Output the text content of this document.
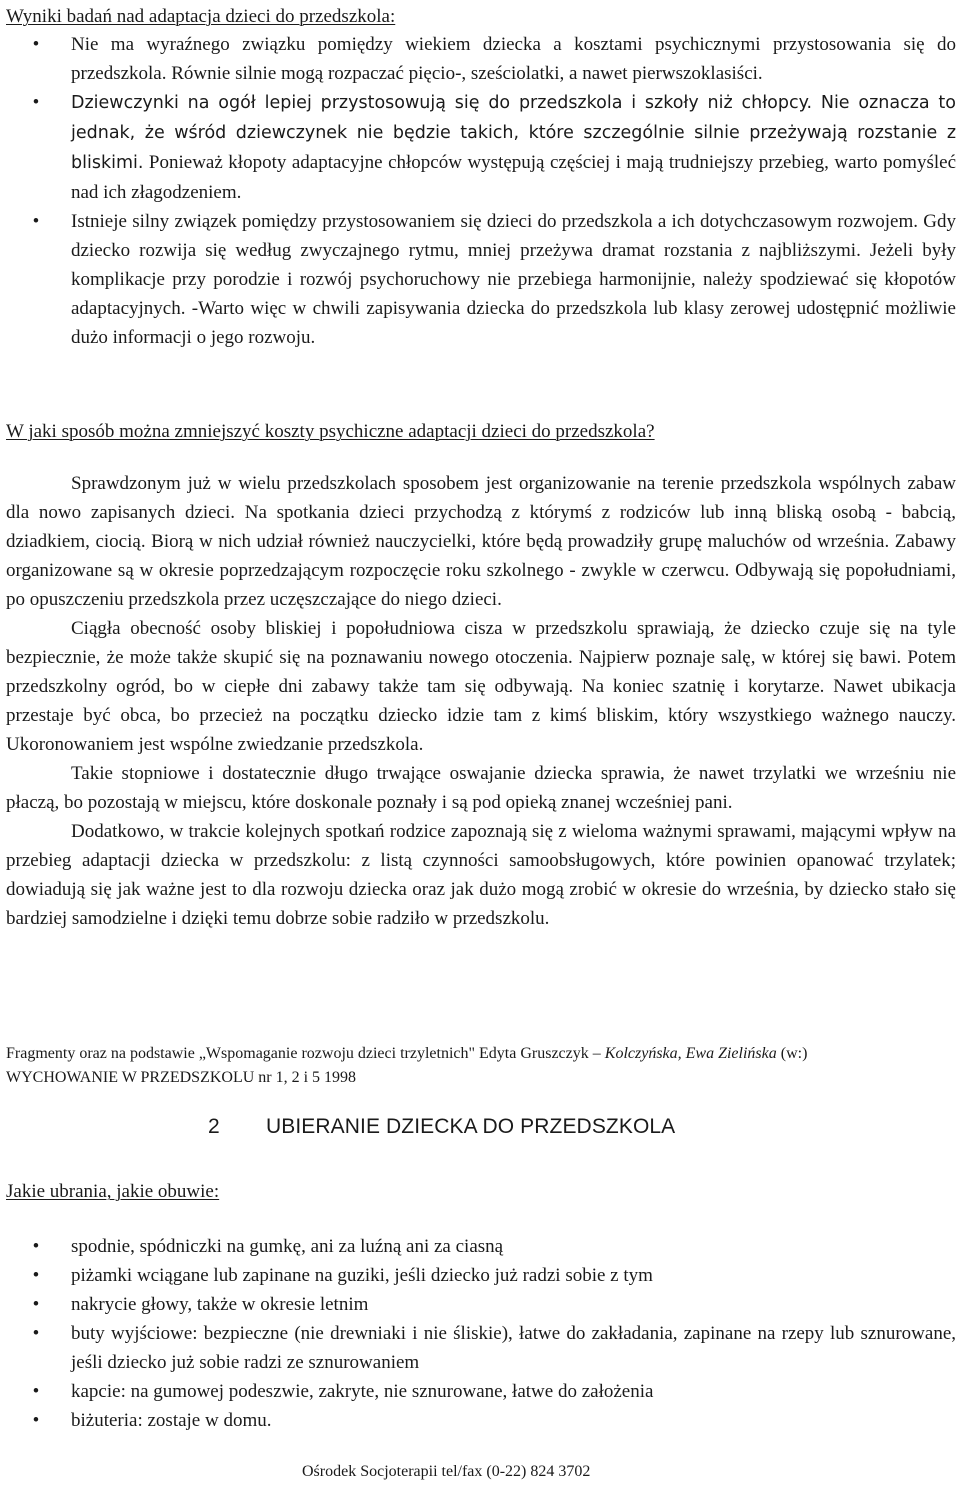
Wyniki badań nad adaptacja dzieci do przedszkola:
• Nie ma wyraźnego związku pomiędzy wiekiem dziecka a kosztami psychicznymi przystosowania się do przedszkola. Równie silnie mogą rozpaczać pięcio-, sześciolatki, a nawet pierwszoklasiści.
• Dziewczynki na ogół lepiej przystosowują się do przedszkola i szkoły niż chłopcy. Nie oznacza to jednak, że wśród dziewczynek nie będzie takich, które szczególnie silnie przeżywają rozstanie z bliskimi. Ponieważ kłopoty adaptacyjne chłopców występują częściej i mają trudniejszy przebieg, warto pomyśleć nad ich złagodzeniem.
• Istnieje silny związek pomiędzy przystosowaniem się dzieci do przedszkola a ich dotychczasowym rozwojem. Gdy dziecko rozwija się według zwyczajnego rytmu, mniej przeżywa dramat rozstania z najbliższymi. Jeżeli były komplikacje przy porodzie i rozwój psychoruchowy nie przebiega harmonijnie, należy spodziewać się kłopotów adaptacyjnych. -Warto więc w chwili zapisywania dziecka do przedszkola lub klasy zerowej udostępnić możliwie dużo informacji o jego rozwoju.
W jaki sposób można zmniejszyć koszty psychiczne adaptacji dzieci do przedszkola?

Sprawdzonym już w wielu przedszkolach sposobem jest organizowanie na terenie przedszkola wspólnych zabaw dla nowo zapisanych dzieci. Na spotkania dzieci przychodzą z którymś z rodziców lub inną bliską osobą - babcią, dziadkiem, ciocią. Biorą w nich udział również nauczycielki, które będą prowadziły grupę maluchów od września. Zabawy organizowane są w okresie poprzedzającym rozpoczęcie roku szkolnego - zwykle w czerwcu. Odbywają się popołudniami, po opuszczeniu przedszkola przez uczęszczające do niego dzieci.

Ciągła obecność osoby bliskiej i popołudniowa cisza w przedszkolu sprawiają, że dziecko czuje się na tyle bezpiecznie, że może także skupić się na poznawaniu nowego otoczenia. Najpierw poznaje salę, w której się bawi. Potem przedszkolny ogród, bo w ciepłe dni zabawy także tam się odbywają. Na koniec szatnię i korytarze. Nawet ubikacja przestaje być obca, bo przecież na początku dziecko idzie tam z kimś bliskim, który wszystkiego ważnego nauczy. Ukoronowaniem jest wspólne zwiedzanie przedszkola.

Takie stopniowe i dostatecznie długo trwające oswajanie dziecka sprawia, że nawet trzylatki we wrześniu nie płaczą, bo pozostają w miejscu, które doskonale poznały i są pod opieką znanej wcześniej pani.

Dodatkowo, w trakcie kolejnych spotkań rodzice zapoznają się z wieloma ważnymi sprawami, mającymi wpływ na przebieg adaptacji dziecka w przedszkolu: z listą czynności samoobsługowych, które powinien opanować trzylatek; dowiadują się jak ważne jest to dla rozwoju dziecka oraz jak dużo mogą zrobić w okresie do września, by dziecko stało się bardziej samodzielne i dzięki temu dobrze sobie radziło w przedszkolu.

Fragmenty oraz na podstawie „Wspomaganie rozwoju dzieci trzyletnich" Edyta Gruszczyk – Kolczyńska, Ewa Zielińska (w:)
WYCHOWANIE W PRZEDSZKOLU nr 1, 2 i 5 1998
2 UBIERANIE DZIECKA DO PRZEDSZKOLA
Jakie ubrania, jakie obuwie:
• spodnie, spódniczki na gumkę, ani za luźną ani za ciasną
• piżamki wciągane lub zapinane na guziki, jeśli dziecko już radzi sobie z tym
• nakrycie głowy, także w okresie letnim
• buty wyjściowe: bezpieczne (nie drewniaki i nie śliskie), łatwe do zakładania, zapinane na rzepy lub sznurowane, jeśli dziecko już sobie radzi ze sznurowaniem
• kapcie: na gumowej podeszwie, zakryte, nie sznurowane, łatwe do założenia
• biżuteria: zostaje w domu.
Ośrodek Socjoterapii tel/fax (0-22) 824 3702
